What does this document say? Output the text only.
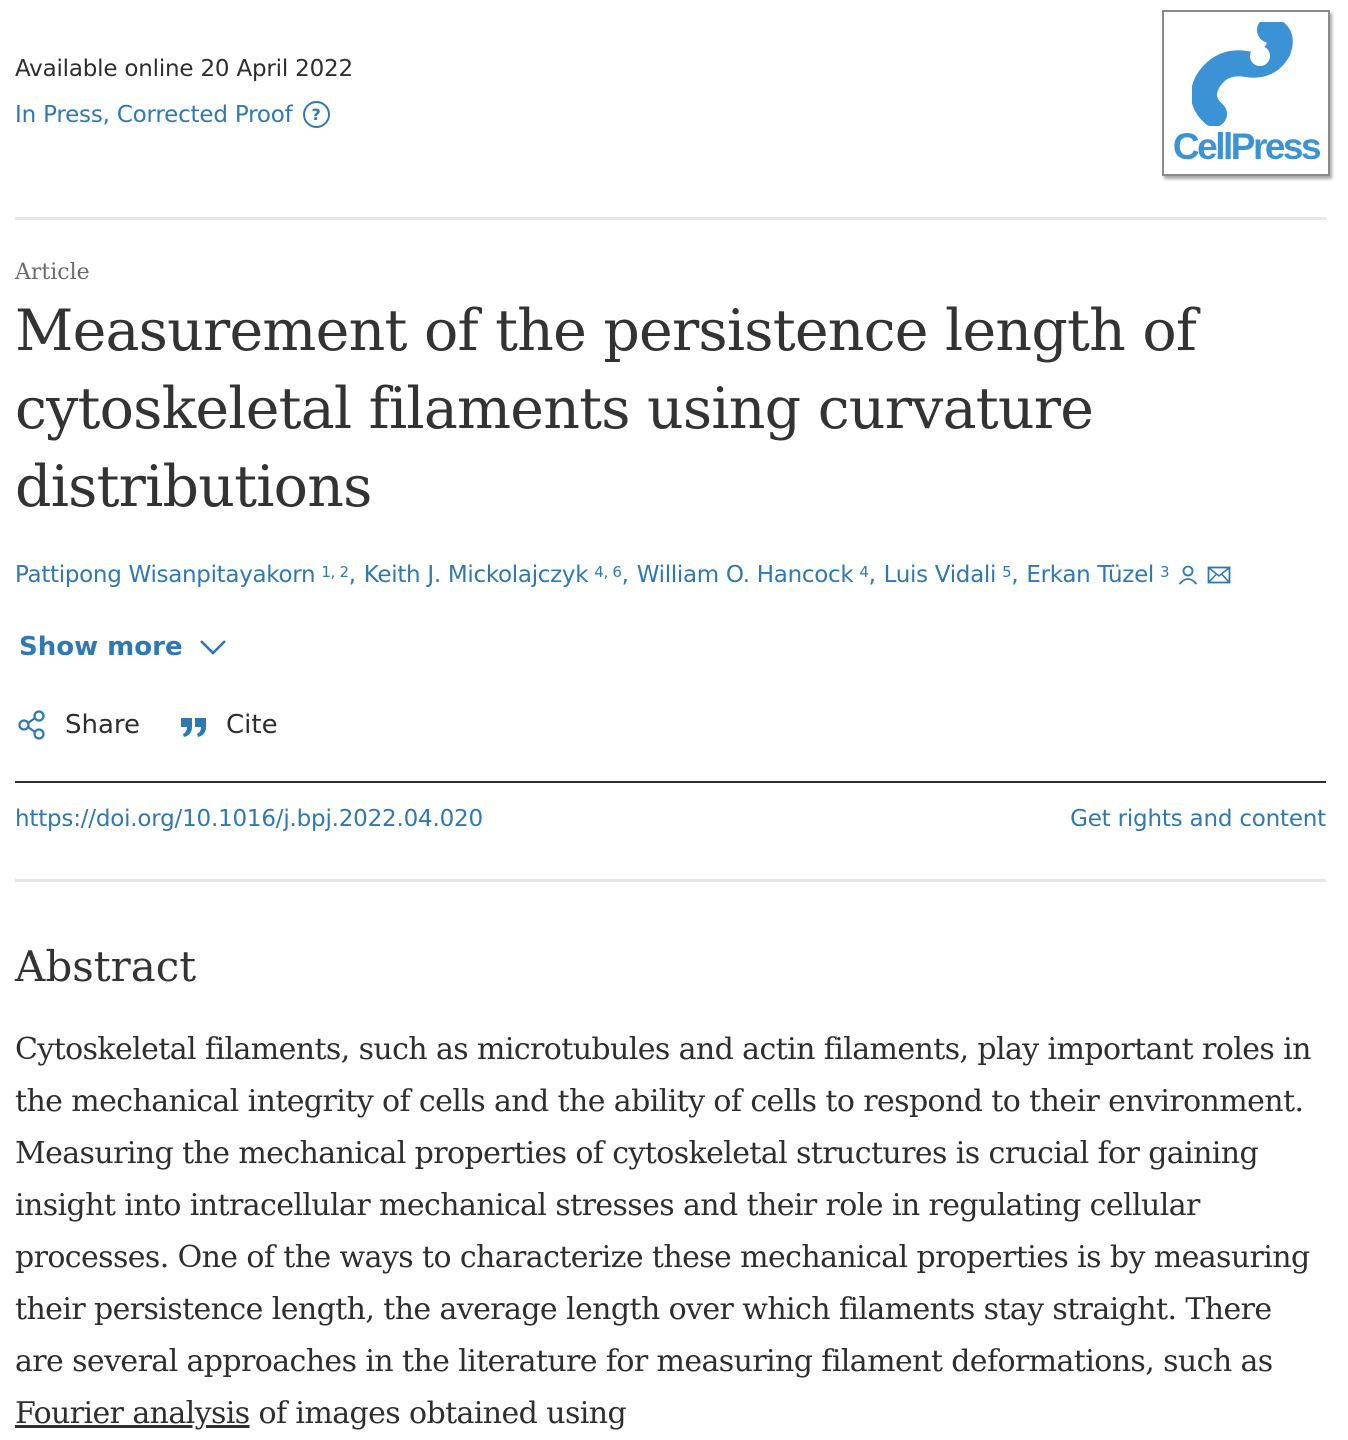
Available online 20 April 2022
In Press, Corrected Proof	?
CellPress
Article
Measurement of the persistence length of cytoskeletal filaments using curvature distributions
Pattipong Wisanpitayakorn $^{1, 2}$ , Keith J. Mickolajczyk $^{4, 6}$ , William O. Hancock $^4$ , Luis Vidali $^5$ , Erkan Tüzel $^3$
Show more
Share	Cite
https://doi.org/10.1016/j.bpj.2022.04.020	Get rights and content
Abstract

Cytoskeletal filaments, such as microtubules and actin filaments, play important roles in the mechanical integrity of cells and the ability of cells to respond to their environment. Measuring the mechanical properties of cytoskeletal structures is crucial for gaining insight into intracellular mechanical stresses and their role in regulating cellular processes. One of the ways to characterize these mechanical properties is by measuring their persistence length, the average length over which filaments stay straight. There are several approaches in the literature for measuring filament deformations, such as Fourier analysis of images obtained using
